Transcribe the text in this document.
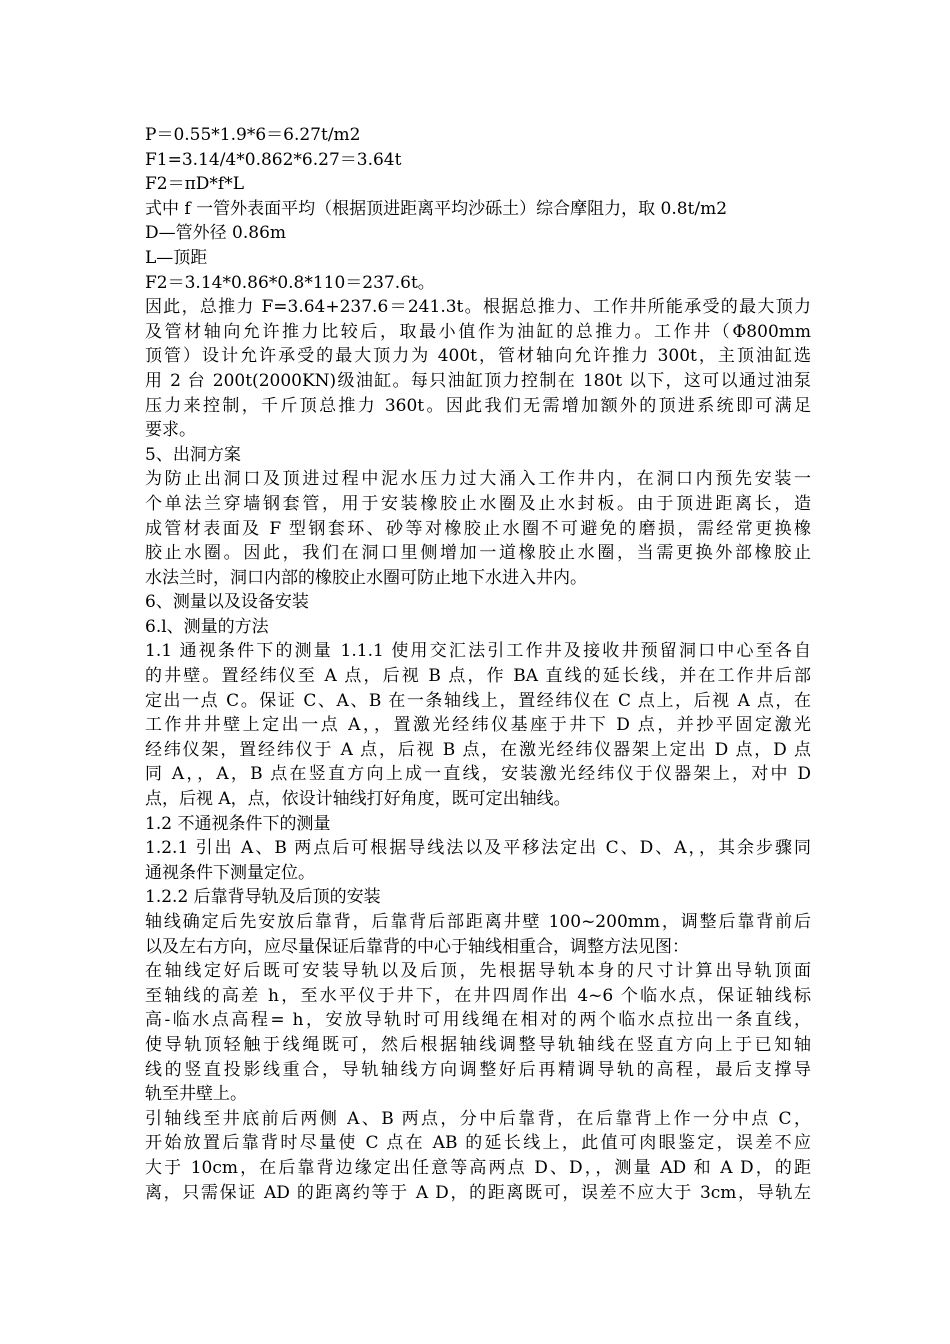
P＝0.55*1.9*6＝6.27t/m2
F1=3.14/4*0.862*6.27＝3.64t
F2＝πD*f*L
式中 f 一管外表面平均（根据顶进距离平均沙砾土）综合摩阻力，取 0.8t/m2
D—管外径 0.86m
L—顶距
F2＝3.14*0.86*0.8*110＝237.6t。
因此，总推力 F=3.64+237.6＝241.3t。根据总推力、工作井所能承受的最大顶力
及管材轴向允许推力比较后，取最小值作为油缸的总推力。工作井（Φ800mm
顶管）设计允许承受的最大顶力为 400t，管材轴向允许推力 300t，主顶油缸选
用 2 台 200t(2000KN)级油缸。每只油缸顶力控制在 180t 以下，这可以通过油泵
压力来控制，千斤顶总推力 360t。因此我们无需增加额外的顶进系统即可满足
要求。
5、出洞方案
为防止出洞口及顶进过程中泥水压力过大涌入工作井内，在洞口内预先安装一
个单法兰穿墙钢套管，用于安装橡胶止水圈及止水封板。由于顶进距离长，造
成管材表面及 F 型钢套环、砂等对橡胶止水圈不可避免的磨损，需经常更换橡
胶止水圈。因此，我们在洞口里侧增加一道橡胶止水圈，当需更换外部橡胶止
水法兰时，洞口内部的橡胶止水圈可防止地下水进入井内。
6、测量以及设备安装
6.l、测量的方法
1.1 通视条件下的测量 1.1.1 使用交汇法引工作井及接收井预留洞口中心至各自
的井壁。置经纬仪至 A 点，后视 B 点，作 BA 直线的延长线，并在工作井后部
定出一点 C。保证 C、A、B 在一条轴线上，置经纬仪在 C 点上，后视 A 点，在
工作井井壁上定出一点 A，，置激光经纬仪基座于井下 D 点，并抄平固定激光
经纬仪架，置经纬仪于 A 点，后视 B 点，在激光经纬仪器架上定出 D 点，D 点
同 A，，A，B 点在竖直方向上成一直线，安装激光经纬仪于仪器架上，对中 D
点，后视 A，点，依设计轴线打好角度，既可定出轴线。
1.2 不通视条件下的测量
1.2.1 引出 A、B 两点后可根据导线法以及平移法定出 C、D、A，，其余步骤同
通视条件下测量定位。
1.2.2 后靠背导轨及后顶的安装
轴线确定后先安放后靠背，后靠背后部距离井壁 100~200mm，调整后靠背前后
以及左右方向，应尽量保证后靠背的中心于轴线相重合，调整方法见图：
在轴线定好后既可安装导轨以及后顶，先根据导轨本身的尺寸计算出导轨顶面
至轴线的高差 h，至水平仪于井下，在井四周作出 4~6 个临水点，保证轴线标
高-临水点高程= h，安放导轨时可用线绳在相对的两个临水点拉出一条直线，
使导轨顶轻触于线绳既可，然后根据轴线调整导轨轴线在竖直方向上于已知轴
线的竖直投影线重合，导轨轴线方向调整好后再精调导轨的高程，最后支撑导
轨至井壁上。
引轴线至井底前后两侧 A、B 两点，分中后靠背，在后靠背上作一分中点 C，
开始放置后靠背时尽量使 C 点在 AB 的延长线上，此值可肉眼鉴定，误差不应
大于 10cm，在后靠背边缘定出任意等高两点 D、D，，测量 AD 和 A D，的距
离，只需保证 AD 的距离约等于 A D，的距离既可，误差不应大于 3cm，导轨左
